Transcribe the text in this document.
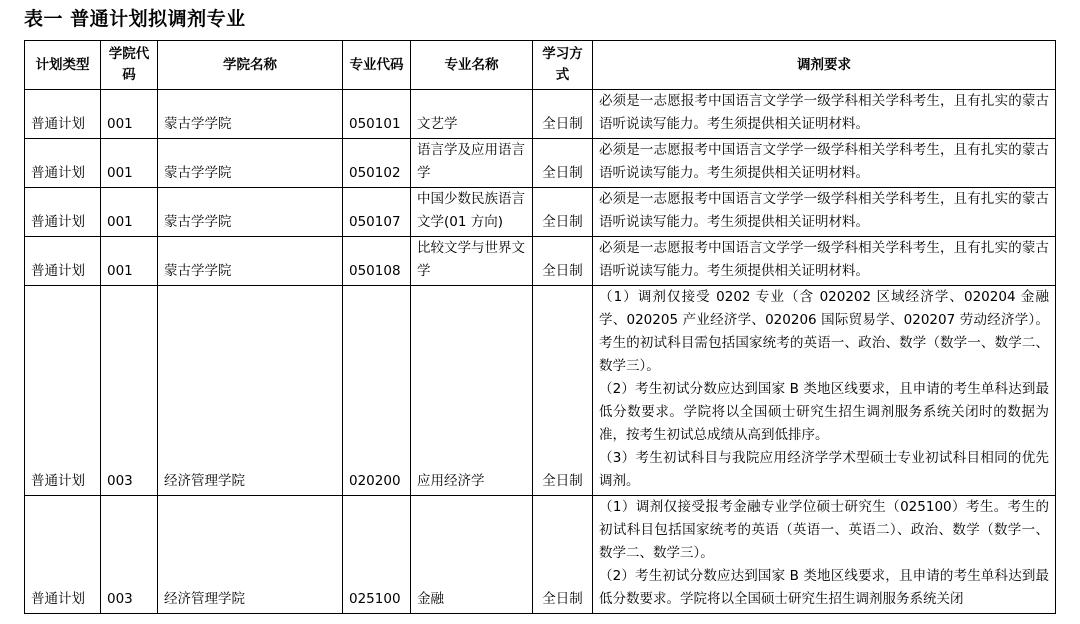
表一 普通计划拟调剂专业
计划类型	学院代码	学院名称	专业代码	专业名称	学习方式	调剂要求
普通计划	001	蒙古学学院	050101	文艺学	全日制	必须是一志愿报考中国语言文学学一级学科相关学科考生，且有扎实的蒙古语听说读写能力。考生须提供相关证明材料。

普通计划	001	蒙古学学院	050102	语言学及应用语言学	全日制	必须是一志愿报考中国语言文学学一级学科相关学科考生，且有扎实的蒙古语听说读写能力。考生须提供相关证明材料。

普通计划	001	蒙古学学院	050107	中国少数民族语言文学(01 方向)	全日制	必须是一志愿报考中国语言文学学一级学科相关学科考生，且有扎实的蒙古语听说读写能力。考生须提供相关证明材料。

普通计划	001	蒙古学学院	050108	比较文学与世界文学	全日制	必须是一志愿报考中国语言文学学一级学科相关学科考生，且有扎实的蒙古语听说读写能力。考生须提供相关证明材料。

普通计划	003	经济管理学院	020200	应用经济学	全日制	（1）调剂仅接受 0202 专业（含 020202 区域经济学、020204 金融学、020205 产业经济学、020206 国际贸易学、020207 劳动经济学）。考生的初试科目需包括国家统考的英语一、政治、数学（数学一、数学二、数学三）。

（2）考生初试分数应达到国家 B 类地区线要求，且申请的考生单科达到最低分数要求。学院将以全国硕士研究生招生调剂服务系统关闭时的数据为准，按考生初试总成绩从高到低排序。

（3）考生初试科目与我院应用经济学学术型硕士专业初试科目相同的优先调剂。

普通计划	003	经济管理学院	025100	金融	全日制	（1）调剂仅接受报考金融专业学位硕士研究生（025100）考生。考生的初试科目包括国家统考的英语（英语一、英语二）、政治、数学（数学一、数学二、数学三）。

（2）考生初试分数应达到国家 B 类地区线要求，且申请的考生单科达到最低分数要求。学院将以全国硕士研究生招生调剂服务系统关闭
